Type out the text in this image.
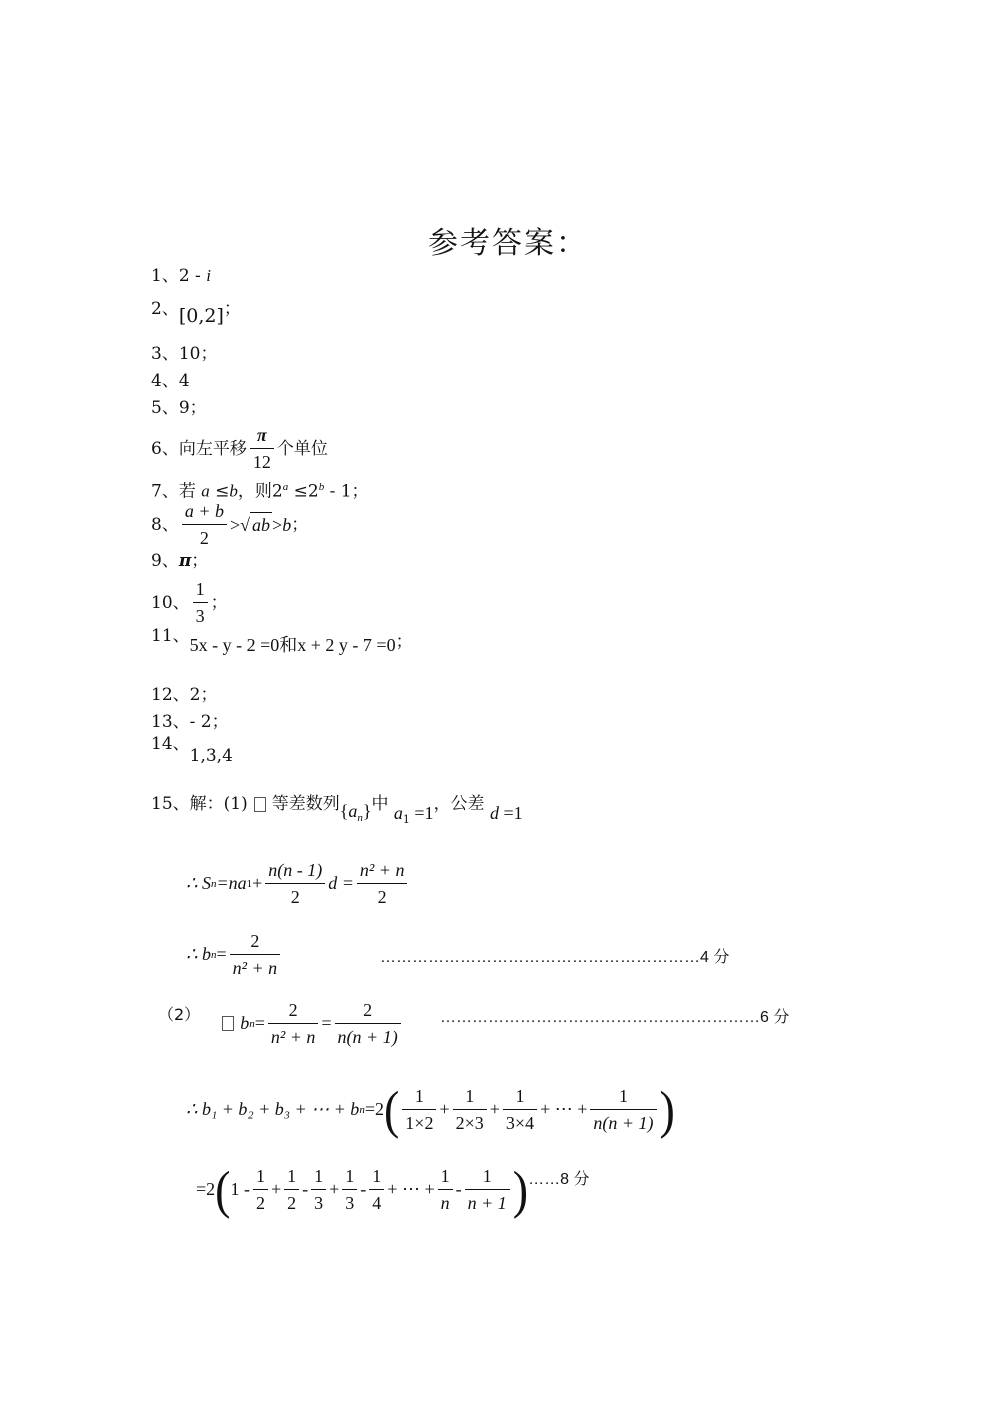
参考答案：
1、2 - i
2、[0,2]；
3、10；
4、4
5、9；
6、 向左平移 $\frac{\pi}{12}$ 个单位
7、若 a ≤b，则$2^a \le 2^b - 1$；
8、 $\frac{a + b}{2}$ > √ ab > b ；
9、π；
10、 $\frac{1}{3}$ ；
11、5x - y - 2 =0和x + 2 y - 7 =0；
12、2；
13、- 2；
14、1,3,4
15、解：(1) 等差数列$\{a_n\}$中 $a_1 =1$，公差 d =1
∴ S n =na $1 + \frac{n(n - 1)}{2}$ $d = \frac{\text{n² + n}}{2}$
∴ b $n = \frac{2}{\text{n² + n}}$	……………………………………………………4 分
（2） b $n = \frac{2}{\text{n² + n}} = \frac{2}{n(n + 1)}$ ……………………………………………………6 分
∴ b₁ + b₂ + b₃ + ⋯ + b n =2 ( $\frac{1}{1\times 2} + \frac{1}{2\times 3} + \frac{1}{3\times 4}$ + ⋯ + $\frac{1}{n(n + 1)}$ )
=2 ( $1 - \frac{1}{2} + \frac{1}{2} - \frac{1}{3} + \frac{1}{3} - \frac{1}{4}$ + ⋯ + $\frac{1}{n} - \frac{1}{n + 1}$ ) ……8 分
